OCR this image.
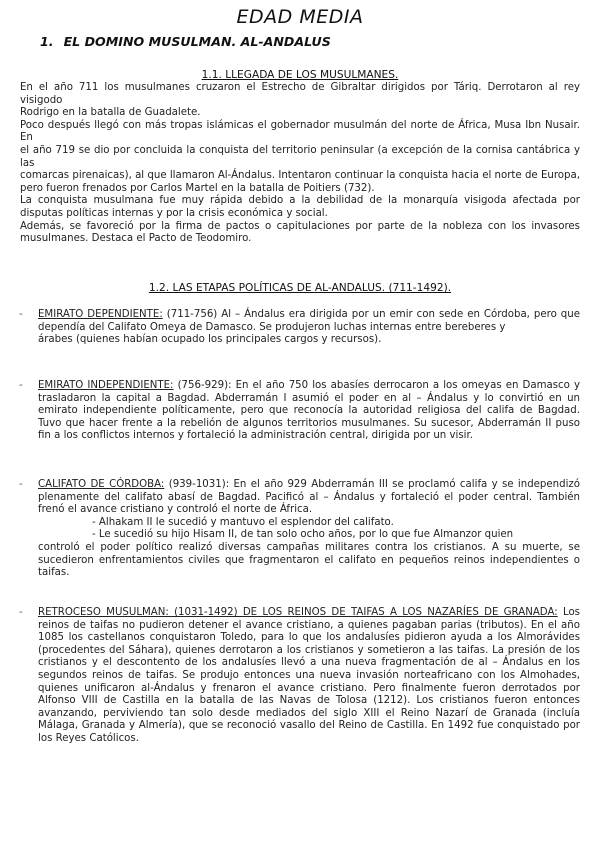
EDAD MEDIA
1. EL DOMINO MUSULMAN. AL-ANDALUS
1.1. LLEGADA DE LOS MUSULMANES.

En el año 711 los musulmanes cruzaron el Estrecho de Gibraltar dirigidos por Táriq. Derrotaron al rey visigodo

Rodrigo en la batalla de Guadalete.

Poco después llegó con más tropas islámicas el gobernador musulmán del norte de África, Musa Ibn Nusair. En

el año 719 se dio por concluida la conquista del territorio peninsular (a excepción de la cornisa cantábrica y las

comarcas pirenaicas), al que llamaron Al-Ándalus. Intentaron continuar la conquista hacia el norte de Europa, pero fueron frenados por Carlos Martel en la batalla de Poitiers (732).

La conquista musulmana fue muy rápida debido a la debilidad de la monarquía visigoda afectada por disputas políticas internas y por la crisis económica y social.

Además, se favoreció por la firma de pactos o capitulaciones por parte de la nobleza con los invasores musulmanes. Destaca el Pacto de Teodomiro.

1.2. LAS ETAPAS POLÍTICAS DE AL-ANDALUS. (711-1492).
- EMIRATO DEPENDIENTE: (711-756) Al – Ándalus era dirigida por un emir con sede en Córdoba, pero que dependía del Califato Omeya de Damasco. Se produjeron luchas internas entre bereberes y

árabes (quienes habían ocupado los principales cargos y recursos).

- EMIRATO INDEPENDIENTE: (756-929): En el año 750 los abasíes derrocaron a los omeyas en Damasco y trasladaron la capital a Bagdad. Abderramán I asumió el poder en al – Ándalus y lo convirtió en un emirato independiente políticamente, pero que reconocía la autoridad religiosa del califa de Bagdad. Tuvo que hacer frente a la rebelión de algunos territorios musulmanes. Su sucesor, Abderramán II puso fin a los conflictos internos y fortaleció la administración central, dirigida por un visir.

- CALIFATO DE CÓRDOBA: (939-1031): En el año 929 Abderramán III se proclamó califa y se independizó plenamente del califato abasí de Bagdad. Pacificó al – Ándalus y fortaleció el poder central. También frenó el avance cristiano y controló el norte de África.

- Alhakam II le sucedió y mantuvo el esplendor del califato.

- Le sucedió su hijo Hisam II, de tan solo ocho años, por lo que fue Almanzor quien

controló el poder político realizó diversas campañas militares contra los cristianos. A su muerte, se sucedieron enfrentamientos civiles que fragmentaron el califato en pequeños reinos independientes o taifas.

- RETROCESO MUSULMAN: (1031-1492) DE LOS REINOS DE TAIFAS A LOS NAZARÍES DE GRANADA: Los reinos de taifas no pudieron detener el avance cristiano, a quienes pagaban parias (tributos). En el año 1085 los castellanos conquistaron Toledo, para lo que los andalusíes pidieron ayuda a los Almorávides (procedentes del Sáhara), quienes derrotaron a los cristianos y sometieron a las taifas. La presión de los cristianos y el descontento de los andalusíes llevó a una nueva fragmentación de al – Ándalus en los segundos reinos de taifas. Se produjo entonces una nueva invasión norteafricano con los Almohades, quienes unificaron al-Ándalus y frenaron el avance cristiano. Pero finalmente fueron derrotados por Alfonso VIII de Castilla en la batalla de las Navas de Tolosa (1212). Los cristianos fueron entonces avanzando, perviviendo tan solo desde mediados del siglo XIII el Reino Nazarí de Granada (incluía Málaga, Granada y Almería), que se reconoció vasallo del Reino de Castilla. En 1492 fue conquistado por los Reyes Católicos.
